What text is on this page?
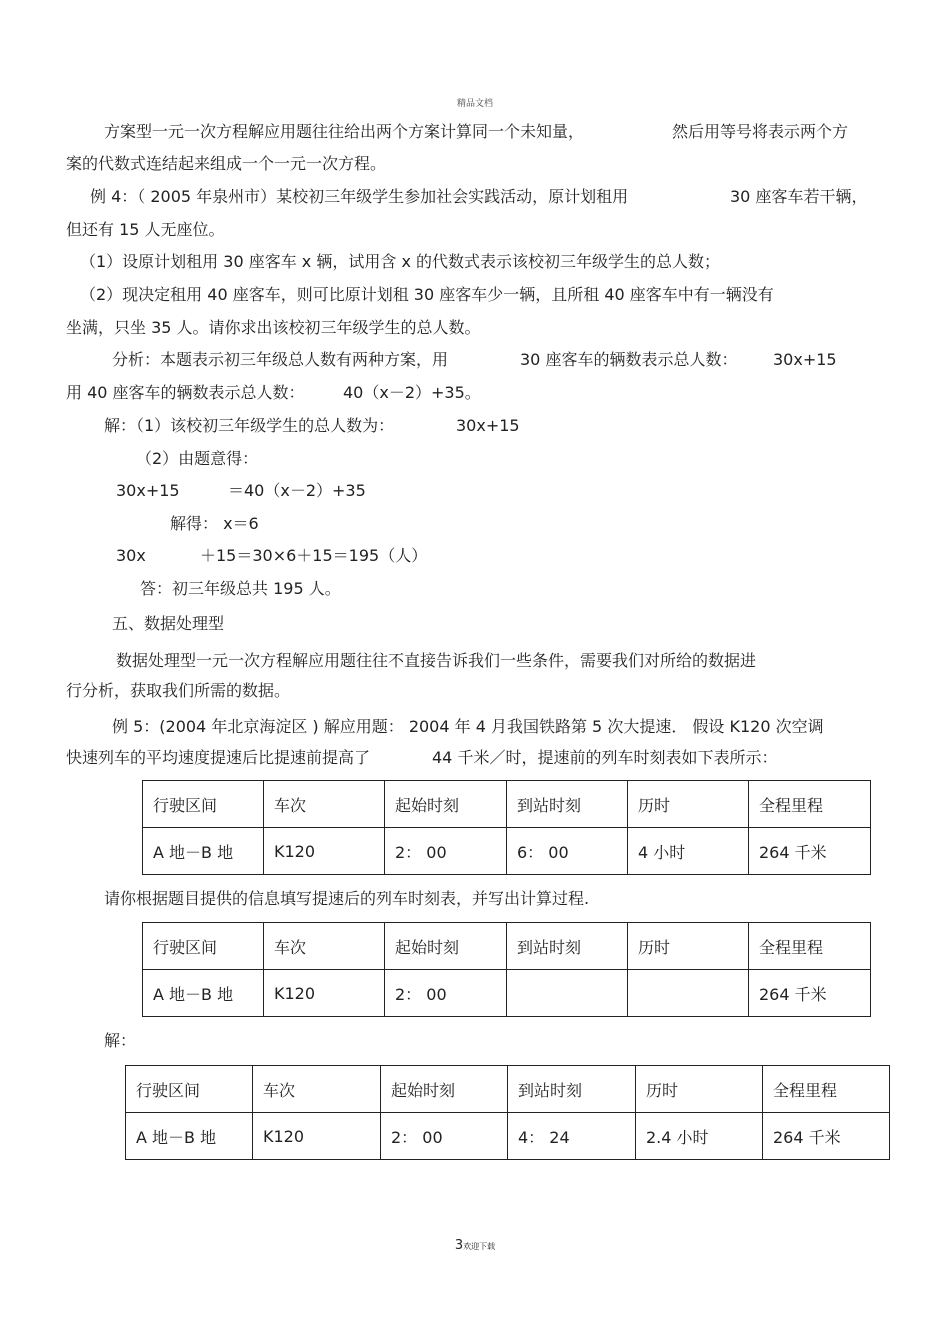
精品文档
方案型一元一次方程解应用题往往给出两个方案计算同一个未知量，	然后用等号将表示两个方
案的代数式连结起来组成一个一元一次方程。
例 4：（ 2005 年泉州市）某校初三年级学生参加社会实践活动，原计划租用	30 座客车若干辆，
但还有 15 人无座位。
（1）设原计划租用 30 座客车 x 辆，试用含 x 的代数式表示该校初三年级学生的总人数；
（2）现决定租用 40 座客车，则可比原计划租 30 座客车少一辆，且所租 40 座客车中有一辆没有
坐满，只坐 35 人。请你求出该校初三年级学生的总人数。
分析：本题表示初三年级总人数有两种方案，用	30 座客车的辆数表示总人数： 30x+15
用 40 座客车的辆数表示总人数： 40（x－2）+35。
解：（1）该校初三年级学生的总人数为：	30x+15
（2）由题意得：
30x+15	＝40（x－2）+35
解得： x＝6
30x	＋15＝30×6＋15＝195（人）
答：初三年级总共 195 人。
五、数据处理型
数据处理型一元一次方程解应用题往往不直接告诉我们一些条件，需要我们对所给的数据进
行分析，获取我们所需的数据。
例 5：(2004 年北京海淀区 ) 解应用题： 2004 年 4 月我国铁路第 5 次大提速． 假设 K120 次空调
快速列车的平均速度提速后比提速前提高了	44 千米／时，提速前的列车时刻表如下表所示：
行驶区间	车次	起始时刻	到站时刻	历时	全程里程
A 地－B 地	K120	2： 00	6： 00	4 小时	264 千米
请你根据题目提供的信息填写提速后的列车时刻表，并写出计算过程.
行驶区间	车次	起始时刻	到站时刻	历时	全程里程
A 地－B 地	K120	2： 00			264 千米
解：
行驶区间	车次	起始时刻	到站时刻	历时	全程里程
A 地－B 地	K120	2： 00	4： 24	2.4 小时	264 千米
3欢迎下载
